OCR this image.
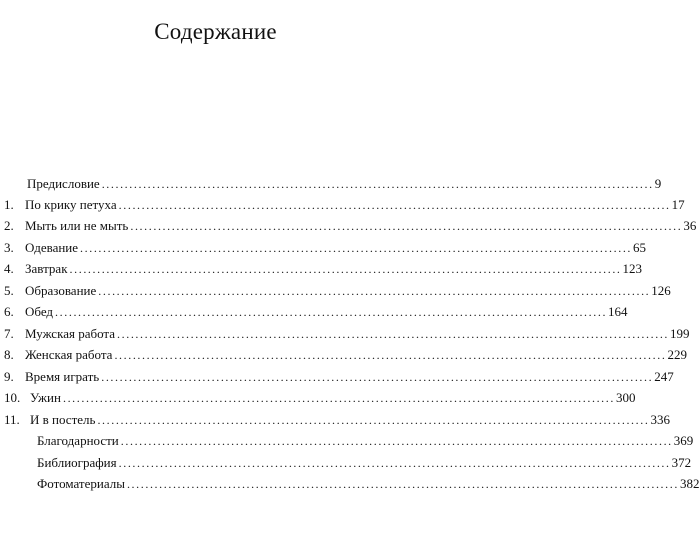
Содержание
Предисловие ........................................................................................................................ 9
1. По крику петуха ........................................................................................................................ 17
2. Мыть или не мыть ........................................................................................................................ 36
3. Одевание ........................................................................................................................ 65
4. Завтрак ........................................................................................................................ 123
5. Образование ........................................................................................................................ 126
6. Обед ........................................................................................................................ 164
7. Мужская работа ........................................................................................................................ 199
8. Женская работа ........................................................................................................................ 229
9. Время играть ........................................................................................................................ 247
10. Ужин ........................................................................................................................ 300
11. И в постель ........................................................................................................................ 336
Благодарности ........................................................................................................................ 369
Библиография ........................................................................................................................ 372
Фотоматериалы ........................................................................................................................ 382
